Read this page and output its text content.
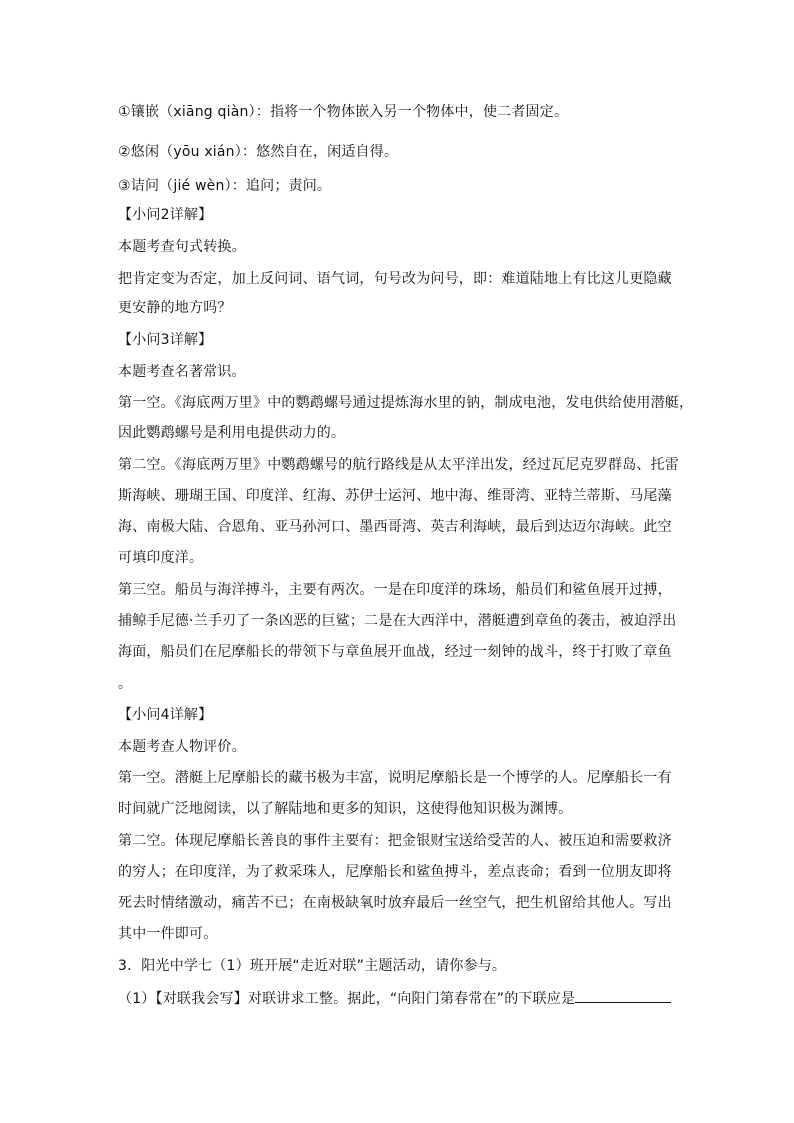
①镶嵌（xiāng qiàn）：指将一个物体嵌入另一个物体中，使二者固定。
②悠闲（yōu xián）：悠然自在，闲适自得。
③诘问（jié wèn）：追问；责问。
【小问2详解】
本题考查句式转换。
把肯定变为否定，加上反问词、语气词，句号改为问号，即：难道陆地上有比这儿更隐藏
更安静的地方吗？
【小问3详解】
本题考查名著常识。
第一空。《海底两万里》中的鹦鹉螺号通过提炼海水里的钠，制成电池，发电供给使用潜艇，
因此鹦鹉螺号是利用电提供动力的。
第二空。《海底两万里》中鹦鹉螺号的航行路线是从太平洋出发，经过瓦尼克罗群岛、托雷
斯海峡、珊瑚王国、印度洋、红海、苏伊士运河、地中海、维哥湾、亚特兰蒂斯、马尾藻
海、南极大陆、合恩角、亚马孙河口、墨西哥湾、英吉利海峡，最后到达迈尔海峡。此空
可填印度洋。
第三空。船员与海洋搏斗，主要有两次。一是在印度洋的珠场，船员们和鲨鱼展开过搏，
捕鲸手尼德·兰手刃了一条凶恶的巨鲨；二是在大西洋中，潜艇遭到章鱼的袭击，被迫浮出
海面，船员们在尼摩船长的带领下与章鱼展开血战，经过一刻钟的战斗，终于打败了章鱼
。
【小问4详解】
本题考查人物评价。
第一空。潜艇上尼摩船长的藏书极为丰富，说明尼摩船长是一个博学的人。尼摩船长一有
时间就广泛地阅读，以了解陆地和更多的知识，这使得他知识极为渊博。
第二空。体现尼摩船长善良的事件主要有：把金银财宝送给受苦的人、被压迫和需要救济
的穷人；在印度洋，为了救采珠人，尼摩船长和鲨鱼搏斗，差点丧命；看到一位朋友即将
死去时情绪激动，痛苦不已；在南极缺氧时放弃最后一丝空气，把生机留给其他人。写出
其中一件即可。
3．阳光中学七（1）班开展“走近对联”主题活动，请你参与。
（1）【对联我会写】对联讲求工整。据此，“向阳门第春常在”的下联应是
